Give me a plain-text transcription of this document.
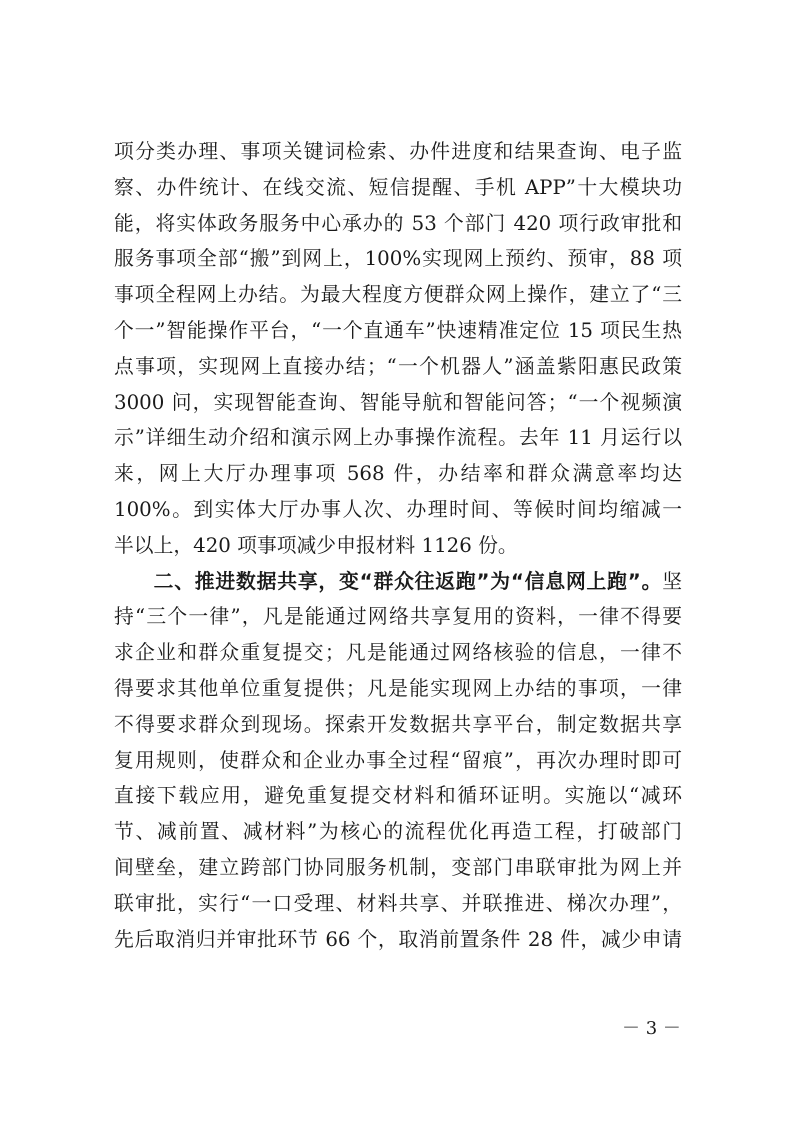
项分类办理、事项关键词检索、办件进度和结果查询、电子监
察、办件统计、在线交流、短信提醒、手机 APP”十大模块功
能，将实体政务服务中心承办的 53 个部门 420 项行政审批和
服务事项全部“搬”到网上，100%实现网上预约、预审，88 项
事项全程网上办结。为最大程度方便群众网上操作，建立了“三
个一”智能操作平台，“一个直通车”快速精准定位 15 项民生热
点事项，实现网上直接办结；“一个机器人”涵盖紫阳惠民政策
3000 问，实现智能查询、智能导航和智能问答；“一个视频演
示”详细生动介绍和演示网上办事操作流程。去年 11 月运行以
来，网上大厅办理事项 568 件，办结率和群众满意率均达
100%。到实体大厅办事人次、办理时间、等候时间均缩减一
半以上，420 项事项减少申报材料 1126 份。
二、推进数据共享，变“群众往返跑”为“信息网上跑”。坚
持“三个一律”，凡是能通过网络共享复用的资料，一律不得要
求企业和群众重复提交；凡是能通过网络核验的信息，一律不
得要求其他单位重复提供；凡是能实现网上办结的事项，一律
不得要求群众到现场。探索开发数据共享平台，制定数据共享
复用规则，使群众和企业办事全过程“留痕”，再次办理时即可
直接下载应用，避免重复提交材料和循环证明。实施以“减环
节、减前置、减材料”为核心的流程优化再造工程，打破部门
间壁垒，建立跨部门协同服务机制，变部门串联审批为网上并
联审批，实行“一口受理、材料共享、并联推进、梯次办理”，
先后取消归并审批环节 66 个，取消前置条件 28 件，减少申请
－ 3 －
